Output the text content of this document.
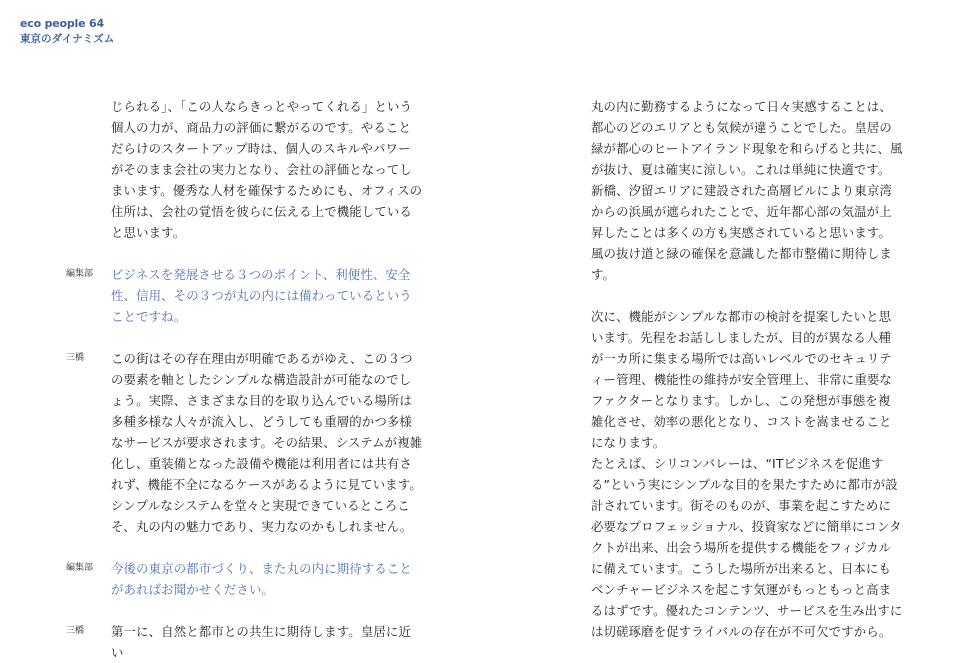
eco people 64
東京のダイナミズム
じられる」、「この人ならきっとやってくれる」という個人の力が、商品力の評価に繋がるのです。やることだらけのスタートアップ時は、個人のスキルやパワーがそのまま会社の実力となり、会社の評価となってしまいます。優秀な人材を確保するためにも、オフィスの住所は、会社の覚悟を彼らに伝える上で機能していると思います。
編集部 ビジネスを発展させる３つのポイント、利便性、安全性、信用、その３つが丸の内には備わっているということですね。
三橋 この街はその存在理由が明確であるがゆえ、この３つの要素を軸としたシンプルな構造設計が可能なのでしょう。実際、さまざまな目的を取り込んでいる場所は多種多様な人々が流入し、どうしても重層的かつ多様なサービスが要求されます。その結果、システムが複雑化し、重装備となった設備や機能は利用者には共有されず、機能不全になるケースがあるように見ています。シンプルなシステムを堂々と実現できているところこそ、丸の内の魅力であり、実力なのかもしれません。
編集部 今後の東京の都市づくり、また丸の内に期待することがあればお聞かせください。
三橋 第一に、自然と都市との共生に期待します。皇居に近い
丸の内に勤務するようになって日々実感することは、都心のどのエリアとも気候が違うことでした。皇居の緑が都心のヒートアイランド現象を和らげると共に、風が抜け、夏は確実に涼しい。これは単純に快適です。新橋、汐留エリアに建設された高層ビルにより東京湾からの浜風が遮られたことで、近年都心部の気温が上昇したことは多くの方も実感されていると思います。風の抜け道と緑の確保を意識した都市整備に期待します。
次に、機能がシンプルな都市の検討を提案したいと思います。先程をお話ししましたが、目的が異なる人種が一カ所に集まる場所では高いレベルでのセキュリティー管理、機能性の維持が安全管理上、非常に重要なファクターとなります。しかし、この発想が事態を複雑化させ、効率の悪化となり、コストを嵩ませることになります。
たとえば、シリコンバレーは、“ITビジネスを促進する”という実にシンプルな目的を果たすために都市が設計されています。街そのものが、事業を起こすために必要なプロフェッショナル、投資家などに簡単にコンタクトが出来、出会う場所を提供する機能をフィジカルに備えています。こうした場所が出来ると、日本にもベンチャービジネスを起こす気運がもっともっと高まるはずです。優れたコンテンツ、サービスを生み出すには切磋琢磨を促すライバルの存在が不可欠ですから。
